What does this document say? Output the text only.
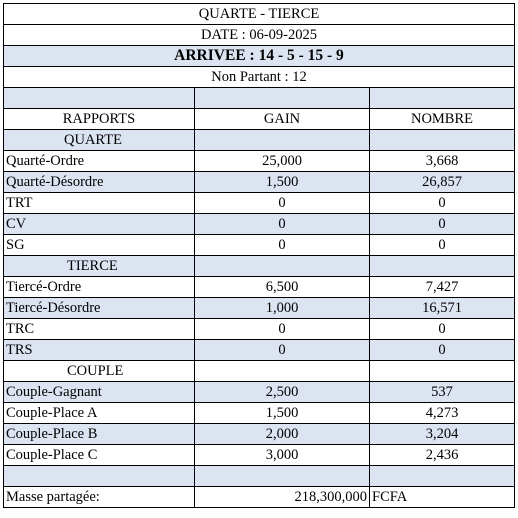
QUARTE - TIERCE		
DATE : 06-09-2025		
ARRIVEE : 14 - 5 - 15 - 9		
Non Partant : 12		

RAPPORTS	GAIN	NOMBRE
QUARTE		
Quarté-Ordre	25,000	3,668
Quarté-Désordre	1,500	26,857
TRT	0	0
CV	0	0
SG	0	0
TIERCE		
Tiercé-Ordre	6,500	7,427
Tiercé-Désordre	1,000	16,571
TRC	0	0
TRS	0	0
COUPLE		
Couple-Gagnant	2,500	537
Couple-Place A	1,500	4,273
Couple-Place B	2,000	3,204
Couple-Place C	3,000	2,436

Masse partagée:	218,300,000	FCFA
